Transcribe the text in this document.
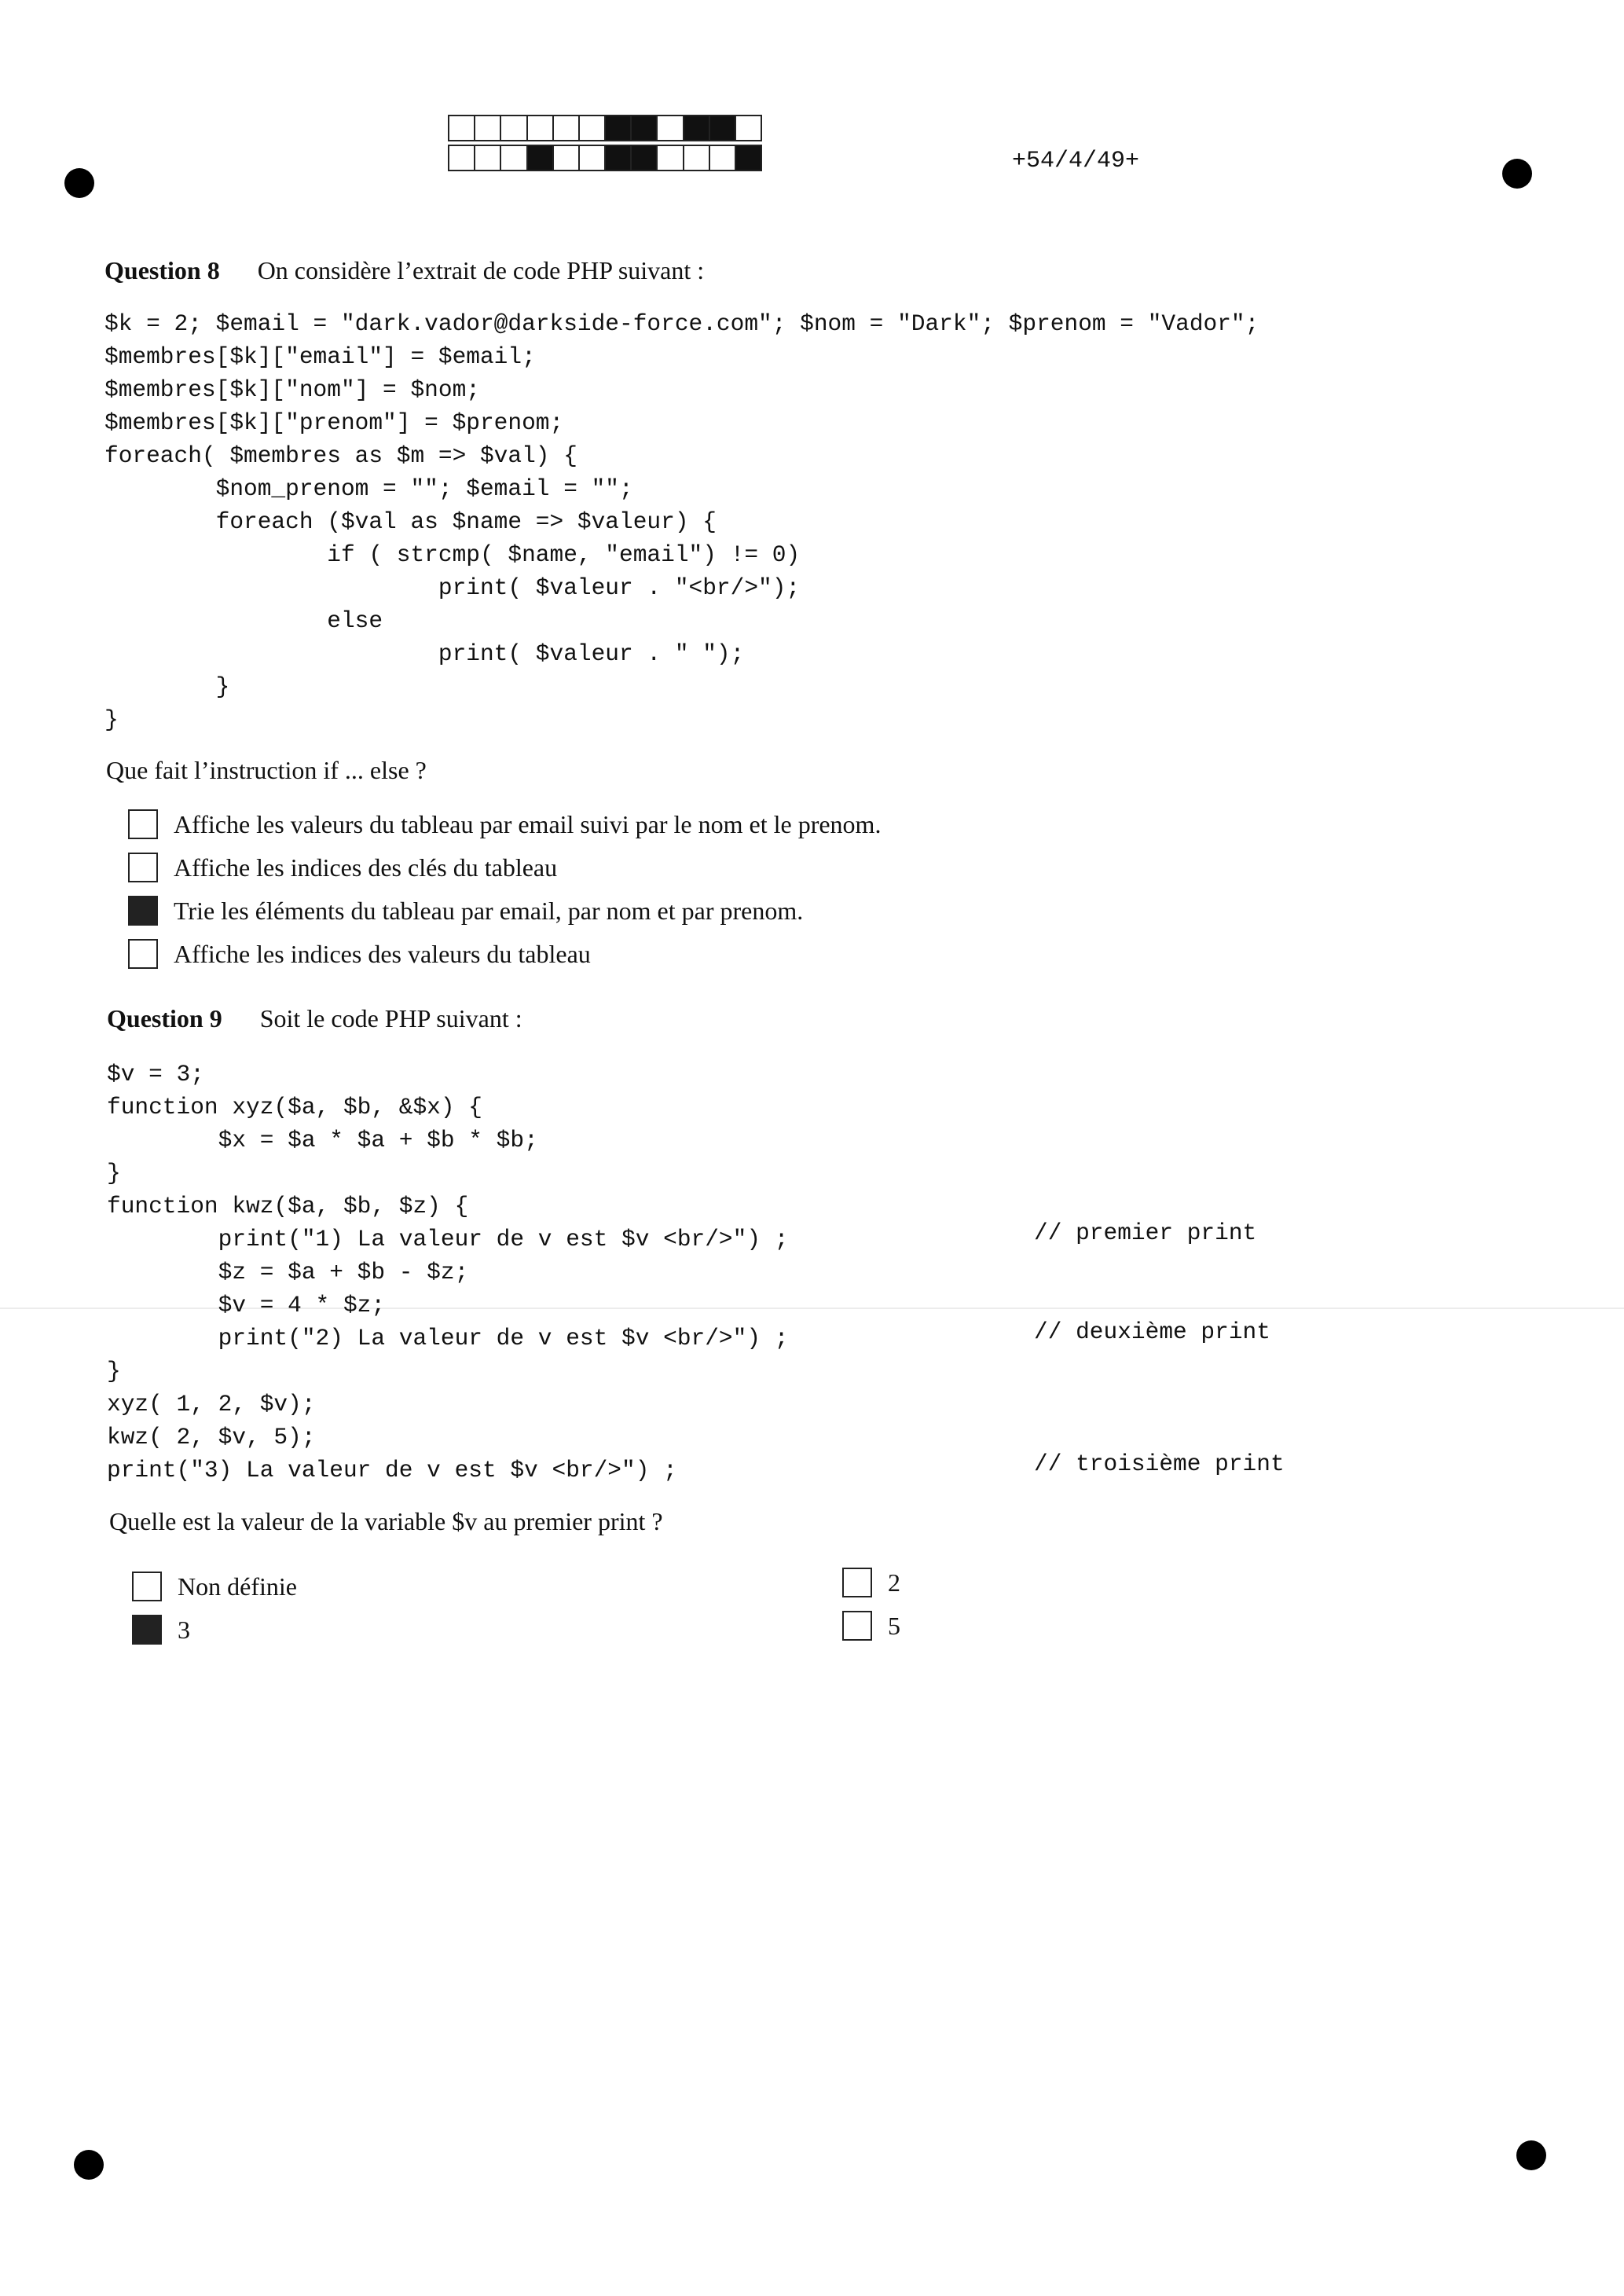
+54/4/49+
Question 8 On considère l’extrait de code PHP suivant :
$k = 2; $email = "dark.vador@darkside-force.com"; $nom = "Dark"; $prenom = "Vador";
$membres[$k]["email"] = $email;
$membres[$k]["nom"] = $nom;
$membres[$k]["prenom"] = $prenom;
foreach( $membres as $m => $val) {
$nom_prenom = ""; $email = "";
foreach ($val as $name => $valeur) {
if ( strcmp( $name, "email") != 0)
print( $valeur . "<br/>");
else
print( $valeur . " ");
}
}
Que fait l’instruction if ... else ?
Affiche les valeurs du tableau par email suivi par le nom et le prenom.
Affiche les indices des clés du tableau
Trie les éléments du tableau par email, par nom et par prenom.
Affiche les indices des valeurs du tableau
Question 9 Soit le code PHP suivant :
$v = 3;
function xyz($a, $b, &$x) {
$x = $a * $a + $b * $b;
}
function kwz($a, $b, $z) {
print("1) La valeur de v est $v <br/>") ;
$z = $a + $b - $z;
$v = 4 * $z;
print("2) La valeur de v est $v <br/>") ;
}
xyz( 1, 2, $v);
kwz( 2, $v, 5);
print("3) La valeur de v est $v <br/>") ;
// premier print
// deuxième print
// troisième print
Quelle est la valeur de la variable $v au premier print ?
Non définie
3
2
5
